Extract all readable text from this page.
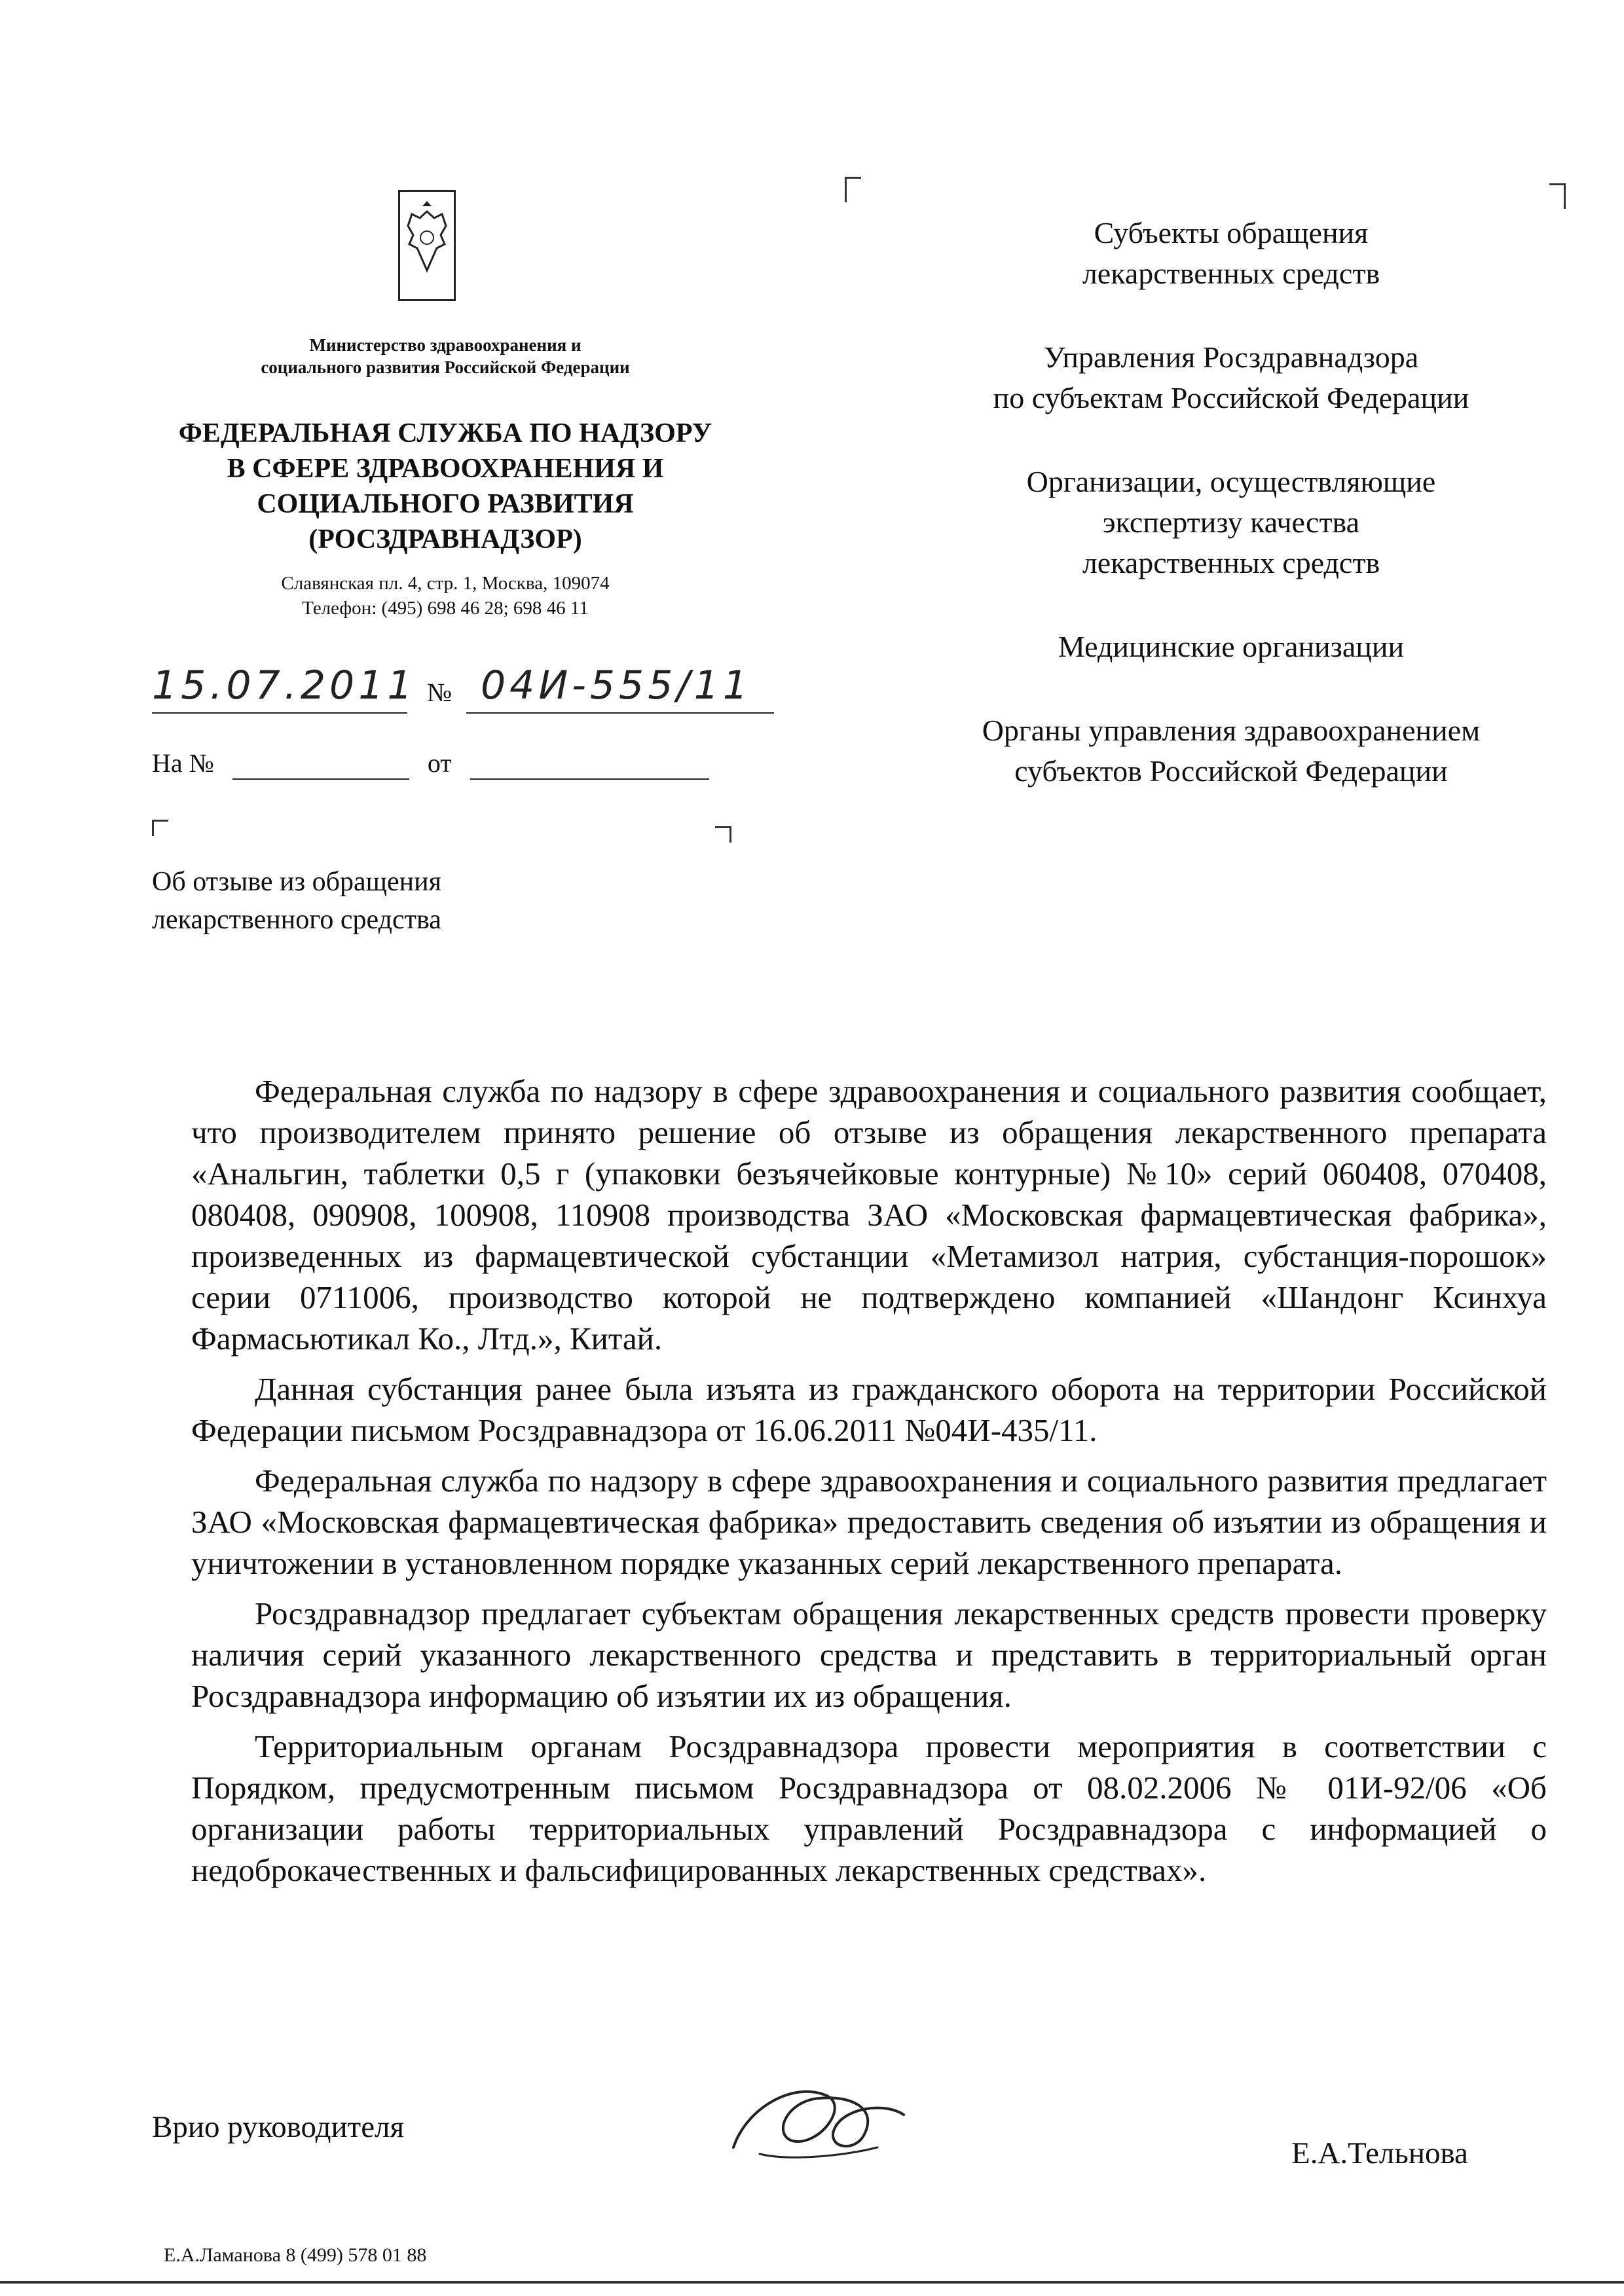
Министерство здравоохранения и
социального развития Российской Федерации
ФЕДЕРАЛЬНАЯ СЛУЖБА ПО НАДЗОРУ
В СФЕРЕ ЗДРАВООХРАНЕНИЯ И
СОЦИАЛЬНОГО РАЗВИТИЯ
(РОСЗДРАВНАДЗОР)
Славянская пл. 4, стр. 1, Москва, 109074
Телефон: (495) 698 46 28; 698 46 11
15.07.2011 № 04И-555/11
На №	от
Об отзыве из обращения
лекарственного средства
Субъекты обращения
лекарственных средств
Управления Росздравнадзора
по субъектам Российской Федерации
Организации, осуществляющие
экспертизу качества
лекарственных средств
Медицинские организации
Органы управления здравоохранением
субъектов Российской Федерации

Федеральная служба по надзору в сфере здравоохранения и социального развития сообщает, что производителем принято решение об отзыве из обращения лекарственного препарата «Анальгин, таблетки 0,5 г (упаковки безъячейковые контурные) №10» серий 060408, 070408, 080408, 090908, 100908, 110908 производства ЗАО «Московская фармацевтическая фабрика», произведенных из фармацевтической субстанции «Метамизол натрия, субстанция-порошок» серии 0711006, производство которой не подтверждено компанией «Шандонг Ксинхуа Фармасьютикал Ко., Лтд.», Китай.

Данная субстанция ранее была изъята из гражданского оборота на территории Российской Федерации письмом Росздравнадзора от 16.06.2011 №04И-435/11.

Федеральная служба по надзору в сфере здравоохранения и социального развития предлагает ЗАО «Московская фармацевтическая фабрика» предоставить сведения об изъятии из обращения и уничтожении в установленном порядке указанных серий лекарственного препарата.

Росздравнадзор предлагает субъектам обращения лекарственных средств провести проверку наличия серий указанного лекарственного средства и представить в территориальный орган Росздравнадзора информацию об изъятии их из обращения.

Территориальным органам Росздравнадзора провести мероприятия в соответствии с Порядком, предусмотренным письмом Росздравнадзора от 08.02.2006 № 01И-92/06 «Об организации работы территориальных управлений Росздравнадзора с информацией о недоброкачественных и фальсифицированных лекарственных средствах».

Врио руководителя
Е.А.Тельнова
Е.А.Ламанова 8 (499) 578 01 88
